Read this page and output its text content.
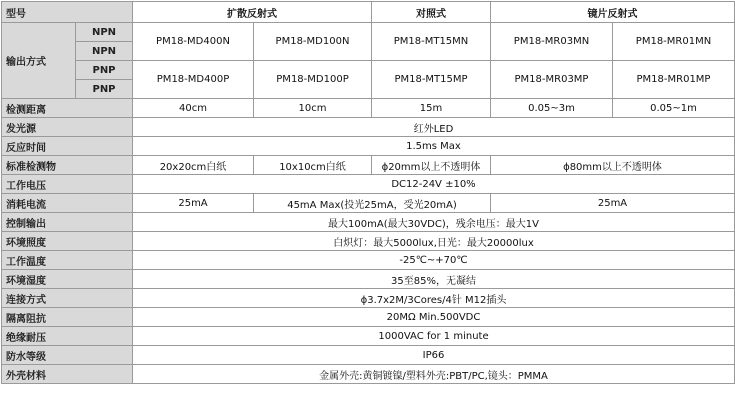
型号		扩散反射式		对照式	镜片反射式	
输出方式	NPN	PM18-MD400N	PM18-MD100N	PM18-MT15MN	PM18-MR03MN	PM18-MR01MN
	NPN					
	PNP	PM18-MD400P	PM18-MD100P	PM18-MT15MP	PM18-MR03MP	PM18-MR01MP
	PNP					
检测距离		40cm	10cm	15m	0.05~3m	0.05~1m
发光源		红外LED				
反应时间		1.5ms Max				
标准检测物		20x20cm白纸	10x10cm白纸	ϕ20mm以上不透明体	ϕ80mm以上不透明体	
工作电压		DC12-24V ±10%				
消耗电流		25mA	45mA Max(投光25mA，受光20mA)		25mA	
控制输出		最大100mA(最大30VDC)，残余电压：最大1V				
环境照度		白炽灯：最大5000lux,日光：最大20000lux				
工作温度		-25℃~+70℃				
环境湿度		35至85%，无凝结				
连接方式		ϕ3.7x2M/3Cores/4针 M12插头				
隔离阻抗		20MΩ Min.500VDC				
绝缘耐压		1000VAC for 1 minute				
防水等级		IP66				
外壳材料		金属外壳:黄铜镀镍/塑料外壳:PBT/PC,镜头：PMMA				
